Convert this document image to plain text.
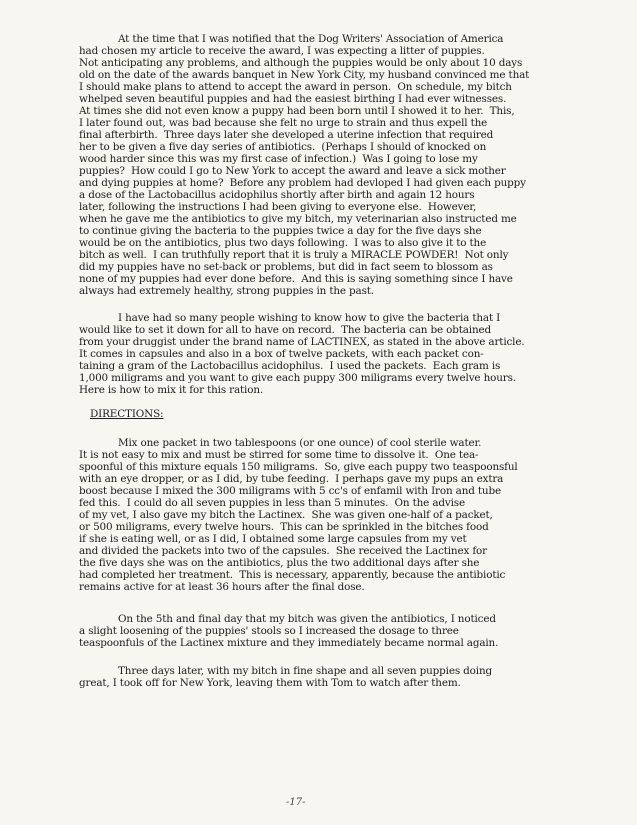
At the time that I was notified that the Dog Writers' Association of America

had chosen my article to receive the award, I was expecting a litter of puppies.

Not anticipating any problems, and although the puppies would be only about 10 days

old on the date of the awards banquet in New York City, my husband convinced me that

I should make plans to attend to accept the award in person.  On schedule, my bitch

whelped seven beautiful puppies and had the easiest birthing I had ever witnesses.

At times she did not even know a puppy had been born until I showed it to her.  This,

I later found out, was bad because she felt no urge to strain and thus expell the

final afterbirth.  Three days later she developed a uterine infection that required

her to be given a five day series of antibiotics.  (Perhaps I should of knocked on

wood harder since this was my first case of infection.)  Was I going to lose my

puppies?  How could I go to New York to accept the award and leave a sick mother

and dying puppies at home?  Before any problem had devloped I had given each puppy

a dose of the Lactobacillus acidophilus shortly after birth and again 12 hours

later, following the instructions I had been giving to everyone else.  However,

when he gave me the antibiotics to give my bitch, my veterinarian also instructed me

to continue giving the bacteria to the puppies twice a day for the five days she

would be on the antibiotics, plus two days following.  I was to also give it to the

bitch as well.  I can truthfully report that it is truly a MIRACLE POWDER!  Not only

did my puppies have no set-back or problems, but did in fact seem to blossom as

none of my puppies had ever done before.  And this is saying something since I have

always had extremely healthy, strong puppies in the past.

I have had so many people wishing to know how to give the bacteria that I

would like to set it down for all to have on record.  The bacteria can be obtained

from your druggist under the brand name of LACTINEX, as stated in the above article.

It comes in capsules and also in a box of twelve packets, with each packet con-

taining a gram of the Lactobacillus acidophilus.  I used the packets.  Each gram is

1,000 miligrams and you want to give each puppy 300 miligrams every twelve hours.

Here is how to mix it for this ration.

DIRECTIONS:

Mix one packet in two tablespoons (or one ounce) of cool sterile water.

It is not easy to mix and must be stirred for some time to dissolve it.  One tea-

spoonful of this mixture equals 150 miligrams.  So, give each puppy two teaspoonsful

with an eye dropper, or as I did, by tube feeding.  I perhaps gave my pups an extra

boost because I mixed the 300 miligrams with 5 cc's of enfamil with Iron and tube

fed this.  I could do all seven puppies in less than 5 minutes.  On the advise

of my vet, I also gave my bitch the Lactinex.  She was given one-half of a packet,

or 500 miligrams, every twelve hours.  This can be sprinkled in the bitches food

if she is eating well, or as I did, I obtained some large capsules from my vet

and divided the packets into two of the capsules.  She received the Lactinex for

the five days she was on the antibiotics, plus the two additional days after she

had completed her treatment.  This is necessary, apparently, because the antibiotic

remains active for at least 36 hours after the final dose.

On the 5th and final day that my bitch was given the antibiotics, I noticed

a slight loosening of the puppies' stools so I increased the dosage to three

teaspoonfuls of the Lactinex mixture and they immediately became normal again.

Three days later, with my bitch in fine shape and all seven puppies doing

great, I took off for New York, leaving them with Tom to watch after them.

-17-
